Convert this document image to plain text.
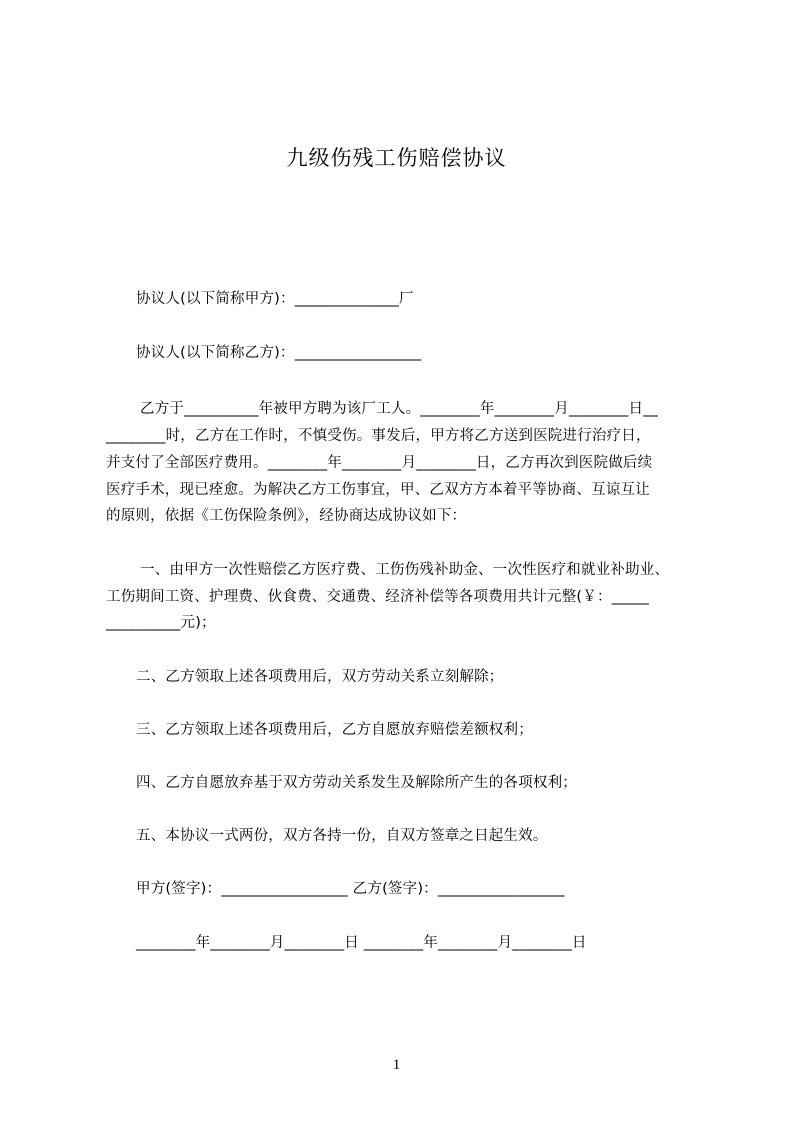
九级伤残工伤赔偿协议
协议人(以下简称甲方)：______________厂
协议人(以下简称乙方)：_________________
乙方于__________年被甲方聘为该厂工人。________年________月________日__
________时，乙方在工作时，不慎受伤。事发后，甲方将乙方送到医院进行治疗日，
并支付了全部医疗费用。________年________月________日，乙方再次到医院做后续
医疗手术，现已痊愈。为解决乙方工伤事宜，甲、乙双方方本着平等协商、互谅互让
的原则，依据《工伤保险条例》，经协商达成协议如下：
一、由甲方一次性赔偿乙方医疗费、工伤伤残补助金、一次性医疗和就业补助业、
工伤期间工资、护理费、伙食费、交通费、经济补偿等各项费用共计元整(￥：_____
__________元)；
二、乙方领取上述各项费用后，双方劳动关系立刻解除；
三、乙方领取上述各项费用后，乙方自愿放弃赔偿差额权利；
四、乙方自愿放弃基于双方劳动关系发生及解除所产生的各项权利；
五、本协议一式两份，双方各持一份，自双方签章之日起生效。
甲方(签字)：_________________ 乙方(签字)：_________________
________年________月________日 ________年________月________日
1
